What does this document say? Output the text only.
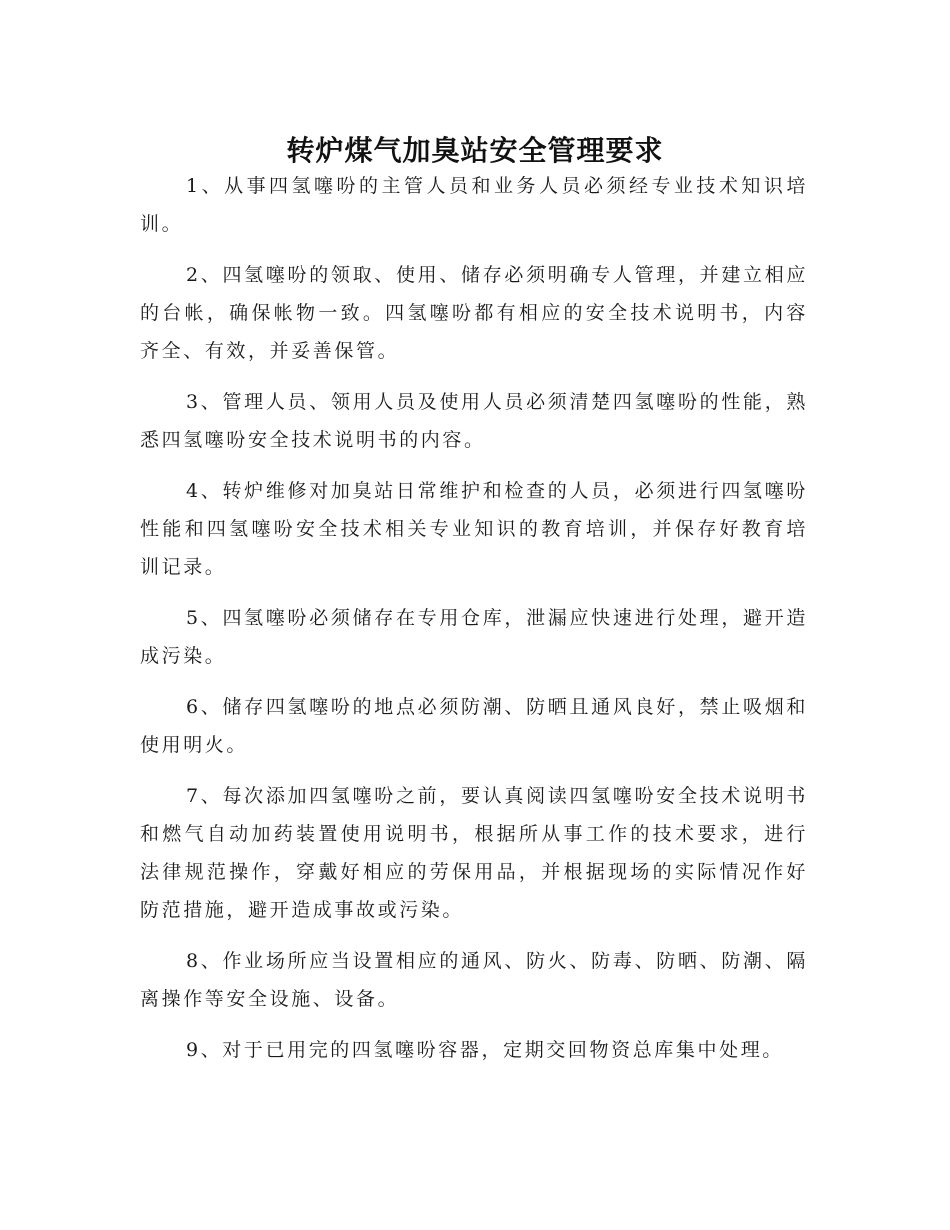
转炉煤气加臭站安全管理要求

1、从事四氢噻吩的主管人员和业务人员必须经专业技术知识培训。

2、四氢噻吩的领取、使用、储存必须明确专人管理，并建立相应的台帐，确保帐物一致。四氢噻吩都有相应的安全技术说明书，内容齐全、有效，并妥善保管。

3、管理人员、领用人员及使用人员必须清楚四氢噻吩的性能，熟悉四氢噻吩安全技术说明书的内容。

4、转炉维修对加臭站日常维护和检查的人员，必须进行四氢噻吩性能和四氢噻吩安全技术相关专业知识的教育培训，并保存好教育培训记录。

5、四氢噻吩必须储存在专用仓库，泄漏应快速进行处理，避开造成污染。

6、储存四氢噻吩的地点必须防潮、防晒且通风良好，禁止吸烟和使用明火。

7、每次添加四氢噻吩之前，要认真阅读四氢噻吩安全技术说明书和燃气自动加药装置使用说明书，根据所从事工作的技术要求，进行法律规范操作，穿戴好相应的劳保用品，并根据现场的实际情况作好防范措施，避开造成事故或污染。

8、作业场所应当设置相应的通风、防火、防毒、防晒、防潮、隔离操作等安全设施、设备。

9、对于已用完的四氢噻吩容器，定期交回物资总库集中处理。
